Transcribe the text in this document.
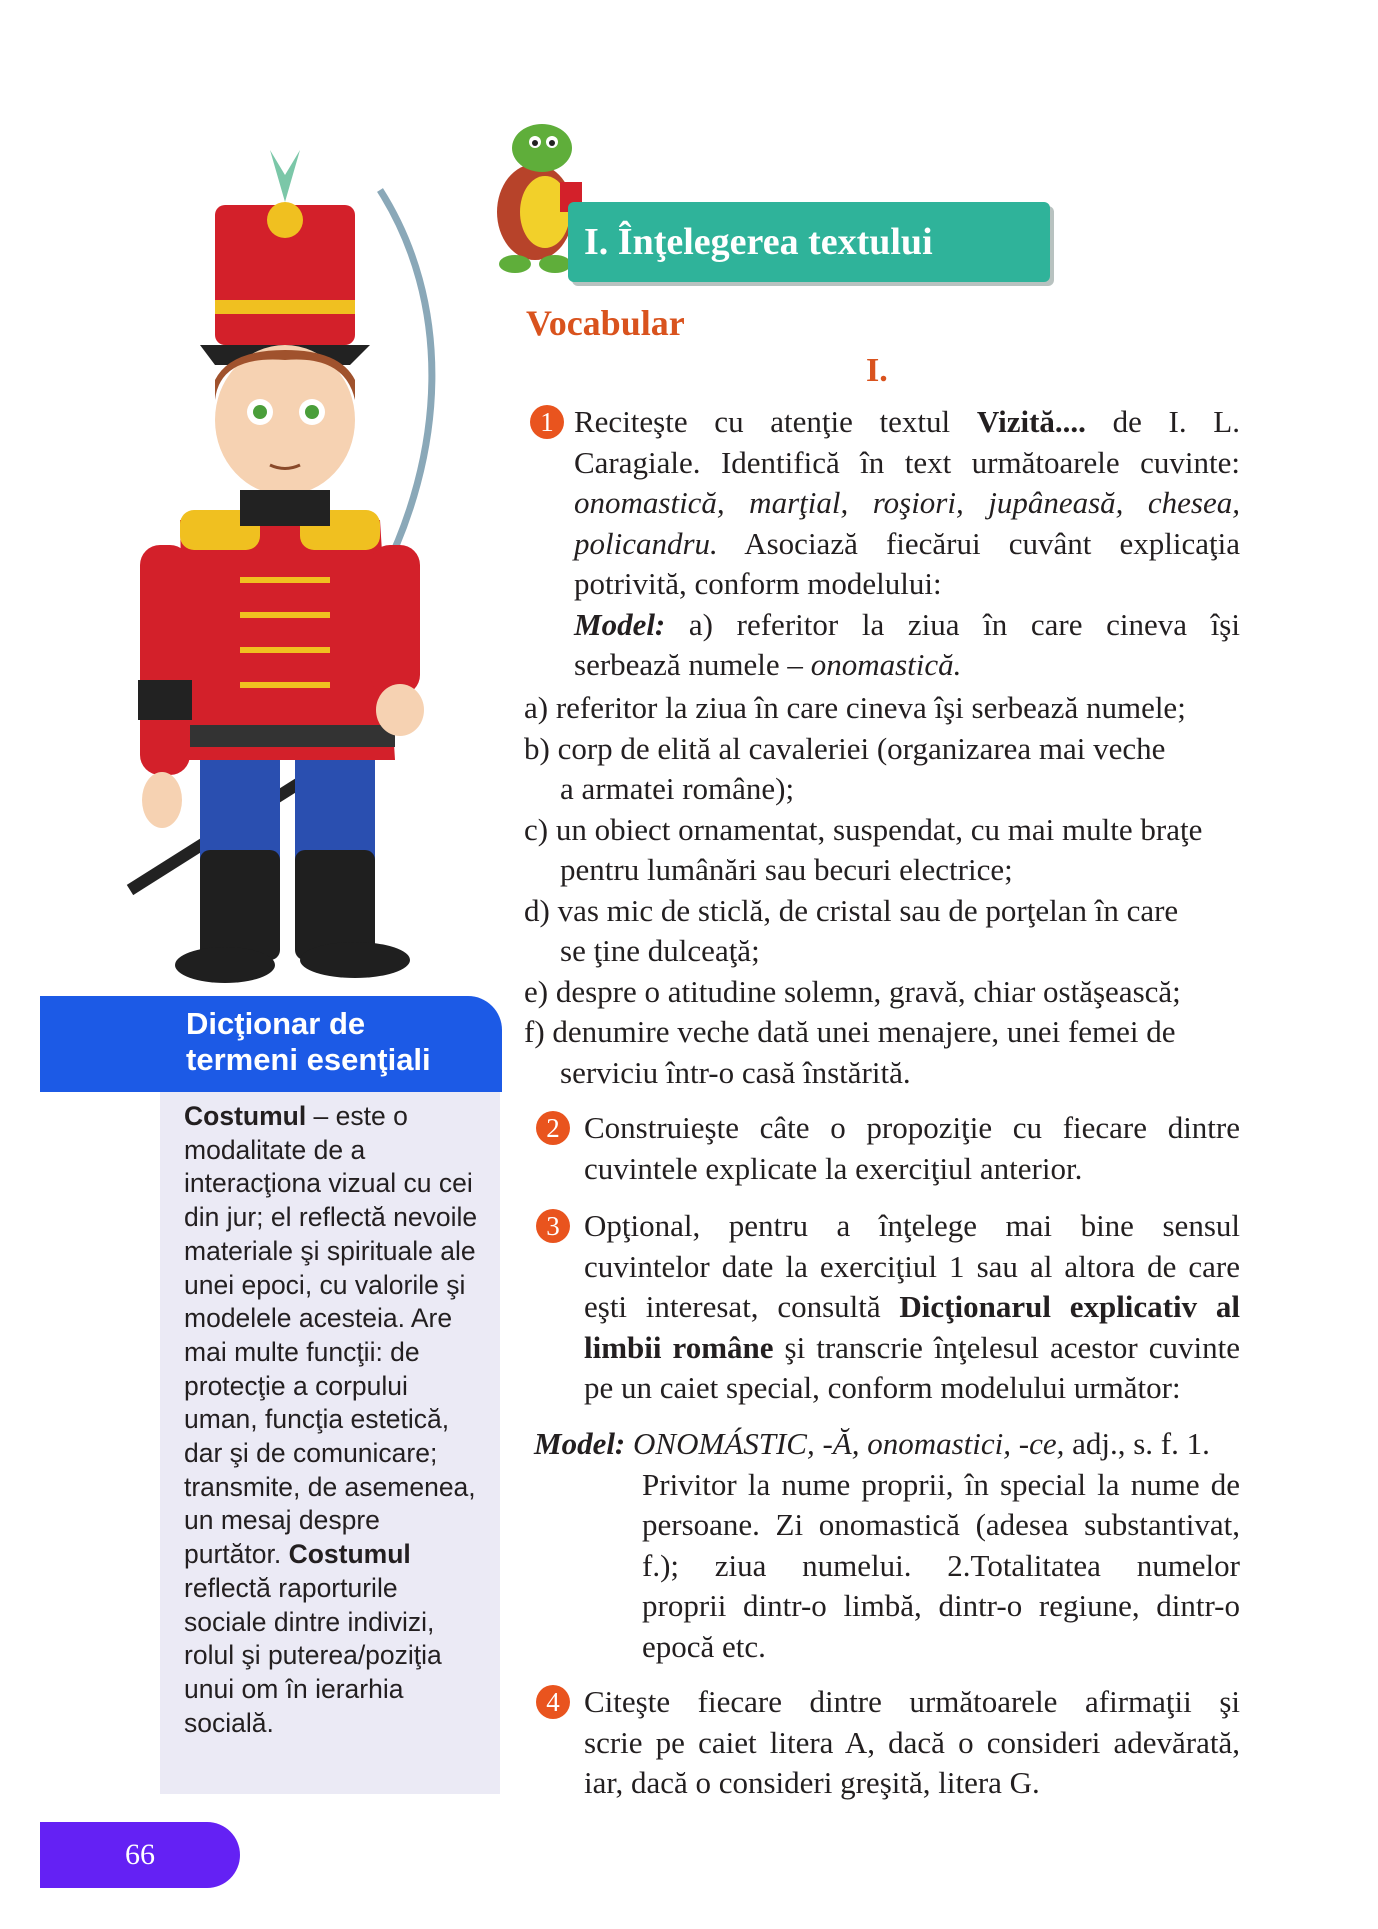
I. Înţelegerea textului
Vocabular
I.
1 Reciteşte cu atenţie textul Vizită.... de I. L.
Caragiale. Identifică în text următoarele cuvinte:
onomastică, marţial, roşiori, jupâneasă, chesea,
policandru. Asociază fiecărui cuvânt explicaţia
potrivită, conform modelului:
Model: a) referitor la ziua în care cineva îşi
serbează numele – onomastică.
a) referitor la ziua în care cineva îşi serbează numele;
b) corp de elită al cavaleriei (organizarea mai veche
a armatei române);
c) un obiect ornamentat, suspendat, cu mai multe braţe
pentru lumânări sau becuri electrice;
d) vas mic de sticlă, de cristal sau de porţelan în care
se ţine dulceaţă;
e) despre o atitudine solemn, gravă, chiar ostăşească;
f) denumire veche dată unei menajere, unei femei de
serviciu într-o casă înstărită.
2 Construieşte câte o propoziţie cu fiecare dintre
cuvintele explicate la exerciţiul anterior.
3 Opţional, pentru a înţelege mai bine sensul
cuvintelor date la exerciţiul 1 sau al altora de care
eşti interesat, consultă Dicţionarul explicativ al
limbii române şi transcrie înţelesul acestor cuvinte
pe un caiet special, conform modelului următor:
Model: ONOMÁSTIC, -Ă, onomastici, -ce, adj., s. f. 1.
Privitor la nume proprii, în special la nume de
persoane. Zi onomastică (adesea substantivat,
f.); ziua numelui. 2.Totalitatea numelor
proprii dintr-o limbă, dintr-o regiune, dintr-o
epocă etc.
4 Citeşte fiecare dintre următoarele afirmaţii şi
scrie pe caiet litera A, dacă o consideri adevărată,
iar, dacă o consideri greşită, litera G.
Dicţionar de
termeni esenţiali
Costumul – este o modalitate de a interacţiona vizual cu cei din jur; el reflectă nevoile materiale şi spirituale ale unei epoci, cu valorile şi modelele acesteia. Are mai multe funcţii: de protecţie a corpului uman, funcţia estetică, dar şi de comunicare; transmite, de asemenea, un mesaj despre purtător. Costumul reflectă raporturile sociale dintre indivizi, rolul şi puterea/poziţia unui om în ierarhia socială.
66
